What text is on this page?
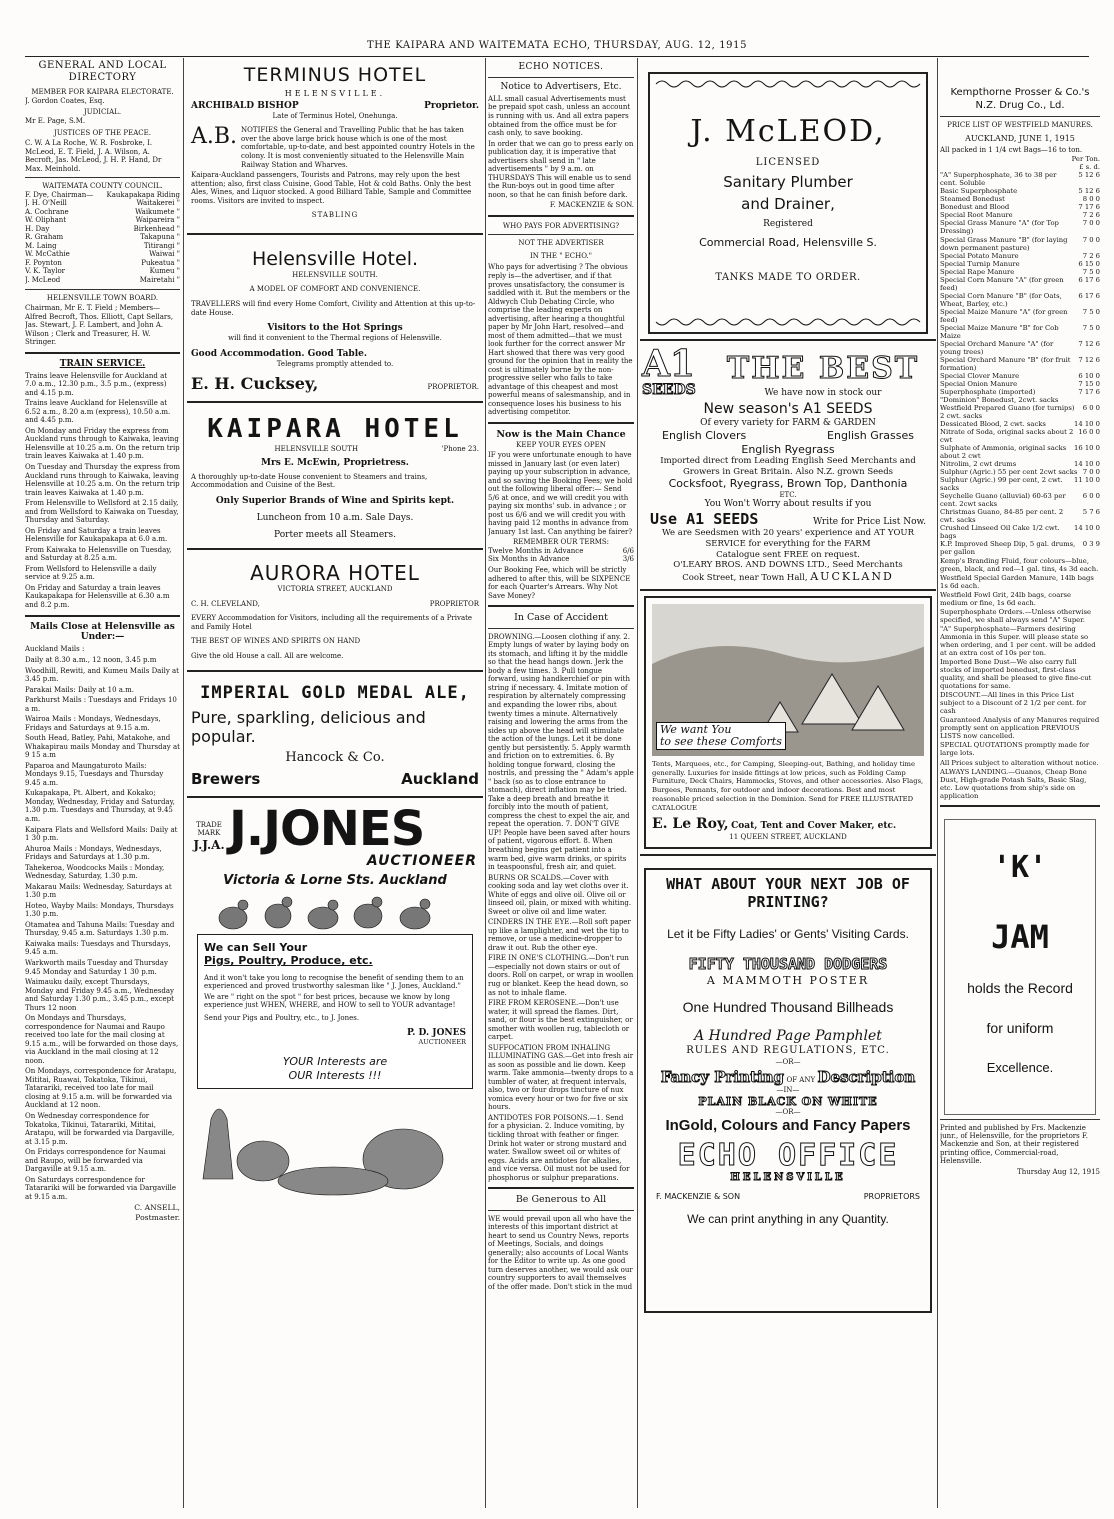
THE KAIPARA AND WAITEMATA ECHO, THURSDAY, AUG. 12, 1915
GENERAL AND LOCAL DIRECTORY
MEMBER FOR KAIPARA ELECTORATE.
J. Gordon Coates, Esq.
JUDICIAL.
Mr E. Page, S.M.
JUSTICES OF THE PEACE.

C. W. A La Roche, W. R. Fosbroke, I. McLeod, E. T. Field, J. A. Wilson, A. Becroft, Jas. McLeod, J. H. P. Hand, Dr Max. Meinhold.

WAITEMATA COUNTY COUNCIL.
F. Dye, Chairman— Kaukapakapa Riding
J. H. O'Neill	Waitakerei "
A. Cochrane	Waikumete "
W. Oliphant	Waipareira "
H. Day	Birkenhead "
R. Graham	Takapuna "
M. Laing	Titirangi "
W. McCathie	Waiwai "
F. Poynton	Pukeatua "
V. K. Taylor	Kumeu "
J. McLeod	Mairetahi "
HELENSVILLE TOWN BOARD.

Chairman, Mr E. T. Field ; Members—Alfred Becroft, Thos. Elliott, Capt Sellars, Jas. Stewart, J. F. Lambert, and John A. Wilson ; Clerk and Treasurer, H. W. Stringer.

TRAIN SERVICE.

Trains leave Helensville for Auckland at 7.0 a.m., 12.30 p.m., 3.5 p.m., (express) and 4.15 p.m.

Trains leave Auckland for Helensville at 6.52 a.m., 8.20 a.m (express), 10.50 a.m. and 4.45 p.m.

On Monday and Friday the express from Auckland runs through to Kaiwaka, leaving Helensville at 10.25 a.m. On the return trip train leaves Kaiwaka at 1.40 p.m.

On Tuesday and Thursday the express from Auckland runs through to Kaiwaka, leaving Helensville at 10.25 a.m. On the return trip train leaves Kaiwaka at 1.40 p.m.

From Helensville to Wellsford at 2.15 daily, and from Wellsford to Kaiwaka on Tuesday, Thursday and Saturday.

On Friday and Saturday a train leaves Helensville for Kaukapakapa at 6.0 a.m.

From Kaiwaka to Helensville on Tuesday, and Saturday at 8.25 a.m.

From Wellsford to Helensville a daily service at 9.25 a.m.

On Friday and Saturday a train leaves Kaukapakapa for Helensville at 6.30 a.m and 8.2 p.m.

Mails Close at Helensville as Under:—

Auckland Mails :

Daily at 8.30 a.m., 12 noon, 3.45 p.m

Woodhill, Rewiti, and Kumeu Mails Daily at 3.45 p.m.

Parakai Mails: Daily at 10 a.m.

Parkhurst Mails : Tuesdays and Fridays 10 a m.

Wairoa Mails : Mondays, Wednesdays, Fridays and Saturdays at 9.15 a.m.

South Head, Batley, Pahi, Matakohe, and Whakapirau mails Monday and Thursday at 9 15 a.m

Paparoa and Maungaturoto Mails: Mondays 9.15, Tuesdays and Thursday 9.45 a.m.

Kukapakapa, Pt. Albert, and Kokako; Monday, Wednesday, Friday and Saturday, 1.30 p.m. Tuesdays and Thursday, at 9.45 a.m.

Kaipara Flats and Wellsford Mails: Daily at 1 30 p.m.

Ahuroa Mails : Mondays, Wednesdays, Fridays and Saturdays at 1.30 p.m.

Tahekeroa, Woodcocks Mails : Monday, Wednesday, Saturday, 1.30 p.m.

Makarau Mails: Wednesday, Saturdays at 1.30 p.m

Hoteo, Wayby Mails: Mondays, Thursdays 1.30 p.m.

Otamatea and Tahuna Mails: Tuesday and Thursday, 9.45 a.m. Saturdays 1.30 p.m.

Kaiwaka mails: Tuesdays and Thursdays, 9.45 a.m.

Warkworth mails Tuesday and Thursday 9.45 Monday and Saturday 1 30 p.m.

Waimauku daily, except Thursdays, Monday and Friday 9.45 a.m., Wednesday and Saturday 1.30 p.m., 3.45 p.m., except Thurs 12 noon

On Mondays and Thursdays, correspondence for Naumai and Raupo received too late for the mail closing at 9.15 a.m., will be forwarded on those days, via Auckland in the mail closing at 12 noon.

On Mondays, correspondence for Aratapu, Mititai, Ruawai, Tokatoka, Tikinui, Tatarariki, received too late for mail closing at 9.15 a.m. will be forwarded via Auckland at 12 noon.

On Wednesday correspondence for Tokatoka, Tikinui, Tatarariki, Mititai, Aratapu, will be forwarded via Dargaville, at 3.15 p.m.

On Fridays correspondence for Naumai and Raupo, will be forwarded via Dargaville at 9.15 a.m.

On Saturdays correspondence for Tatarariki will be forwarded via Dargaville at 9.15 a.m.

C. ANSELL,
Postmaster.
TERMINUS HOTEL
HELENSVILLE.
ARCHIBALD BISHOP	Proprietor.
Late of Terminus Hotel, Onehunga.
A.B. NOTIFIES the General and Travelling Public that he has taken over the above large brick house which is one of the most comfortable, up-to-date, and best appointed country Hotels in the colony. It is most conveniently situated to the Helensville Main Railway Station and Wharves.

Kaipara-Auckland passengers, Tourists and Patrons, may rely upon the best attention; also, first class Cuisine, Good Table, Hot & cold Baths. Only the best Ales, Wines, and Liquor stocked. A good Billiard Table, Sample and Committee rooms. Visitors are invited to inspect.

STABLING
Helensville Hotel.
HELENSVILLE SOUTH.
A MODEL OF COMFORT AND CONVENIENCE.

TRAVELLERS will find every Home Comfort, Civility and Attention at this up-to-date House.

Visitors to the Hot Springs
will find it convenient to the Thermal regions of Helensville.
Good Accommodation. Good Table.
Telegrams promptly attended to.
E. H. Cucksey,	PROPRIETOR.
KAIPARA HOTEL
HELENSVILLE SOUTH	'Phone 23.
Mrs E. McEwin, Proprietress.

A thoroughly up-to-date House convenient to Steamers and trains, Accommodation and Cuisine of the Best.

Only Superior Brands of Wine and Spirits kept.
Luncheon from 10 a.m. Sale Days.
Porter meets all Steamers.
AURORA HOTEL
VICTORIA STREET, AUCKLAND
C. H. CLEVELAND,	PROPRIETOR

EVERY Accommodation for Visitors, including all the requirements of a Private and Family Hotel

THE BEST OF WINES AND SPIRITS ON HAND
Give the old House a call. All are welcome.
IMPERIAL GOLD MEDAL ALE,
Pure, sparkling, delicious and popular.
Hancock & Co.
Brewers	Auckland
TRADE MARK
J.J.A. J.JONES
AUCTIONEER
Victoria & Lorne Sts. Auckland
We can Sell Your
Pigs, Poultry, Produce, etc.

And it won't take you long to recognise the benefit of sending them to an experienced and proved trustworthy salesman like " J. Jones, Auckland."

We are " right on the spot " for best prices, because we know by long experience just WHEN, WHERE, and HOW to sell to YOUR advantage!

Send your Pigs and Poultry, etc., to J. Jones.
P. D. JONES
AUCTIONEER
YOUR Interests are
OUR Interests !!!
ECHO NOTICES.
Notice to Advertisers, Etc.

ALL small casual Advertisements must be prepaid spot cash, unless an account is running with us. And all extra papers obtained from the office must be for cash only, to save booking.

In order that we can go to press early on publication day, it is imperative that advertisers shall send in " late advertisements " by 9 a.m. on THURSDAYS This will enable us to send the Run-boys out in good time after noon, so that he can finish before dark.

F. MACKENZIE & SON.
WHO PAYS FOR ADVERTISING?
NOT THE ADVERTISER
IN THE " ECHO."

Who pays for advertising ? The obvious reply is—the advertiser, and if that proves unsatisfactory, the consumer is saddled with it. But the members or the Aldwych Club Debating Circle, who comprise the leading experts on advertising, after hearing a thoughtful paper by Mr John Hart, resolved—and most of them admitted—that we must look further for the correct answer Mr Hart showed that there was very good ground for the opinion that in reality the cost is ultimately borne by the non-progressive seller who fails to take advantage of this cheapest and most powerful means of salesmanship, and in consequence loses his business to his advertising competitor.

Now is the Main Chance
KEEP YOUR EYES OPEN

IF you were unfortunate enough to have missed in January last (or even later) paying up your subscription in advance, and so saving the Booking Fees; we hold out the following liberal offer:— Send 5/6 at once, and we will credit you with paying six months' sub. in advance ; or post us 6/6 and we will credit you with having paid 12 months in advance from January 1st last. Can anything be fairer?

REMEMBER OUR TERMS:
Twelve Months in Advance	6/6
Six Months in Advance	3/6

Our Booking Fee, which will be strictly adhered to after this, will be SIXPENCE for each Quarter's Arrears. Why Not Save Money?

In Case of Accident

DROWNING.—Loosen clothing if any. 2. Empty lungs of water by laying body on its stomach, and lifting it by the middle so that the head hangs down. Jerk the body a few times. 3. Pull tongue forward, using handkerchief or pin with string if necessary. 4. Imitate motion of respiration by alternately compressing and expanding the lower ribs, about twenty times a minute. Alternatively raising and lowering the arms from the sides up above the head will stimulate the action of the lungs. Let it be done gently but persistently. 5. Apply warmth and friction on to extremities. 6. By holding tongue forward, closing the nostrils, and pressing the " Adam's apple " back (so as to close entrance to stomach), direct inflation may be tried. Take a deep breath and breathe it forcibly into the mouth of patient, compress the chest to expel the air, and repeat the operation. 7. DON'T GIVE UP! People have been saved after hours of patient, vigorous effort. 8. When breathing begins get patient into a warm bed, give warm drinks, or spirits in teaspoonsful, fresh air, and quiet.

BURNS OR SCALDS.—Cover with cooking soda and lay wet cloths over it. White of eggs and olive oil. Olive oil or linseed oil, plain, or mixed with whiting. Sweet or olive oil and lime water.

CINDERS IN THE EYE.—Roll soft paper up like a lamplighter, and wet the tip to remove, or use a medicine-dropper to draw it out. Rub the other eye.

FIRE IN ONE'S CLOTHING.—Don't run—especially not down stairs or out of doors. Roll on carpet, or wrap in woollen rug or blanket. Keep the head down, so as not to inhale flame.

FIRE FROM KEROSENE.—Don't use water, it will spread the flames. Dirt, sand, or flour is the best extinguisher, or smother with woollen rug, tablecloth or carpet.

SUFFOCATION FROM INHALING ILLUMINATING GAS.—Get into fresh air as soon as possible and lie down. Keep warm. Take ammonia—twenty drops to a tumbler of water, at frequent intervals, also, two or four drops tincture of nux vomica every hour or two for five or six hours.

ANTIDOTES FOR POISONS.—1. Send for a physician. 2. Induce vomiting, by tickling throat with feather or finger. Drink hot water or strong mustard and water. Swallow sweet oil or whites of eggs. Acids are antidotes for alkalies, and vice versa. Oil must not be used for phosphorus or sulphur preparations.

Be Generous to All

WE would prevail upon all who have the interests of this important district at heart to send us Country News, reports of Meetings, Socials, and doings generally; also accounts of Local Wants for the Editor to write up. As one good turn deserves another, we would ask our country supporters to avail themselves of the offer made. Don't stick in the mud

J. McLEOD,
LICENSED
Sanitary Plumber
and Drainer,
Registered
Commercial Road, Helensville S.
TANKS MADE TO ORDER.
A1
SEEDS
THE BEST
We have now in stock our
New season's A1 SEEDS
Of every variety for FARM & GARDEN
English Clovers	English Grasses
English Ryegrass
Imported direct from Leading English Seed Merchants and Growers in Great Britain. Also N.Z. grown Seeds
Cocksfoot, Ryegrass, Brown Top, Danthonia
ETC.
You Won't Worry about results if you
Use A1 SEEDS	Write for Price List Now.
We are Seedsmen with 20 years' experience and AT YOUR SERVICE for everything for the FARM
Catalogue sent FREE on request.
O'LEARY BROS. AND DOWNS LTD., Seed Merchants
Cook Street, near Town Hall, AUCKLAND
We want You
to see these Comforts

Tents, Marquees, etc., for Camping, Sleeping-out, Bathing, and holiday time generally. Luxuries for inside fittings at low prices, such as Folding Camp Furniture, Deck Chairs, Hammocks, Stoves, and other accessories. Also Flags, Burgees, Pennants, for outdoor and indoor decorations. Best and most reasonable priced selection in the Dominion. Send for FREE ILLUSTRATED CATALOGUE

E. Le Roy, Coat, Tent and Cover Maker, etc.
11 QUEEN STREET, AUCKLAND
WHAT ABOUT YOUR NEXT JOB OF PRINTING?
Let it be Fifty Ladies' or Gents' Visiting Cards.
FIFTY THOUSAND DODGERS
A MAMMOTH POSTER
One Hundred Thousand Billheads
A Hundred Page Pamphlet
RULES AND REGULATIONS, ETC.
—OR—
Fancy Printing OF ANY Description
—IN—
PLAIN BLACK ON WHITE
—OR—
InGold, Colours and Fancy Papers
ECHO OFFICE
HELENSVILLE
F. MACKENZIE & SON	PROPRIETORS
We can print anything in any Quantity.
Kempthorne Prosser & Co.'s N.Z. Drug Co., Ld.
PRICE LIST OF WESTFIELD MANURES.
AUCKLAND, JUNE 1, 1915
All packed in 1 1/4 cwt Bags—16 to ton.
Per Ton.
£ s. d.
"A" Superphosphate, 36 to 38 per cent. Soluble
5 12 6
Basic Superphosphate	5 12 6
Steamed Bonedust	8 0 0
Bonedust and Blood	7 17 6
Special Root Manure	7 2 6
Special Grass Manure "A" (for Top Dressing)
7 0 0
Special Grass Manure "B" (for laying down permanent pasture)
7 0 0
Special Potato Manure	7 2 6
Special Turnip Manure	6 15 0
Special Rape Manure	7 5 0
Special Corn Manure "A" (for green feed)
6 17 6
Special Corn Manure "B" (for Oats, Wheat, Barley, etc.)
6 17 6
Special Maize Manure "A" (for green feed)
7 5 0
Special Maize Manure "B" for Cob Maize
7 5 0
Special Orchard Manure "A" (for young trees)
7 12 6
Special Orchard Manure "B" (for fruit formation)
7 12 6
Special Clover Manure	6 10 0
Special Onion Manure	7 15 0
Superphosphate (imported) "Dominion" Bonedust, 2cwt. sacks
7 17 6
Westfield Prepared Guano (for turnips) 2 cwt. sacks
6 0 0
Dessicated Blood, 2 cwt. sacks	14 10 0
Nitrate of Soda, original sacks about 2 cwt
16 0 0
Sulphate of Ammonia, original sacks about 2 cwt
16 10 0
Nitrolim, 2 cwt drums	14 10 0
Sulphur (Agric.) 55 per cent 2cwt sacks 7 0 0
Sulphur (Agric.) 99 per cent, 2 cwt. sacks
11 10 0
Seychelle Guano (alluvial) 60-63 per cent. 2cwt sacks
6 0 0
Christmas Guano, 84-85 per cent. 2 cwt. sacks
5 7 6
Crushed Linseed Oil Cake 1/2 cwt. bags
14 10 0
K.P. Improved Sheep Dip, 5 gal. drums, per gallon
0 3 9

Kemp's Branding Fluid, four colours—blue, green, black, and red—1 gal. tins, 4s 3d each.

Westfield Special Garden Manure, 14lb bags 1s 6d each.

Westfield Fowl Grit, 24lb bags, coarse medium or fine, 1s 6d each.

Superphosphate Orders.—Unless otherwise specified, we shall always send "A" Super.

"A" Superphosphate—Farmers desiring Ammonia in this Super. will please state so when ordering, and 1 per cent. will be added at an extra cost of 10s per ton.

Imported Bone Dust—We also carry full stocks of imported bonedust, first-class quality, and shall be pleased to give fine-cut quotations for same.

DISCOUNT.—All lines in this Price List subject to a Discount of 2 1/2 per cent. for cash

Guaranteed Analysis of any Manures required promptly sent on application PREVIOUS LISTS now cancelled.

SPECIAL QUOTATIONS promptly made for large lots.

All Prices subject to alteration without notice.

ALWAYS LANDING.—Guanos, Cheap Bone Dust, High-grade Potash Salts, Basic Slag, etc. Low quotations from ship's side on application

'K'
JAM
holds the Record
for uniform
Excellence.

Printed and published by Frs. Mackenzie junr., of Helensville, for the proprietors F. Mackenzie and Son, at their registered printing office, Commercial-road, Helensville.

Thursday Aug 12, 1915
